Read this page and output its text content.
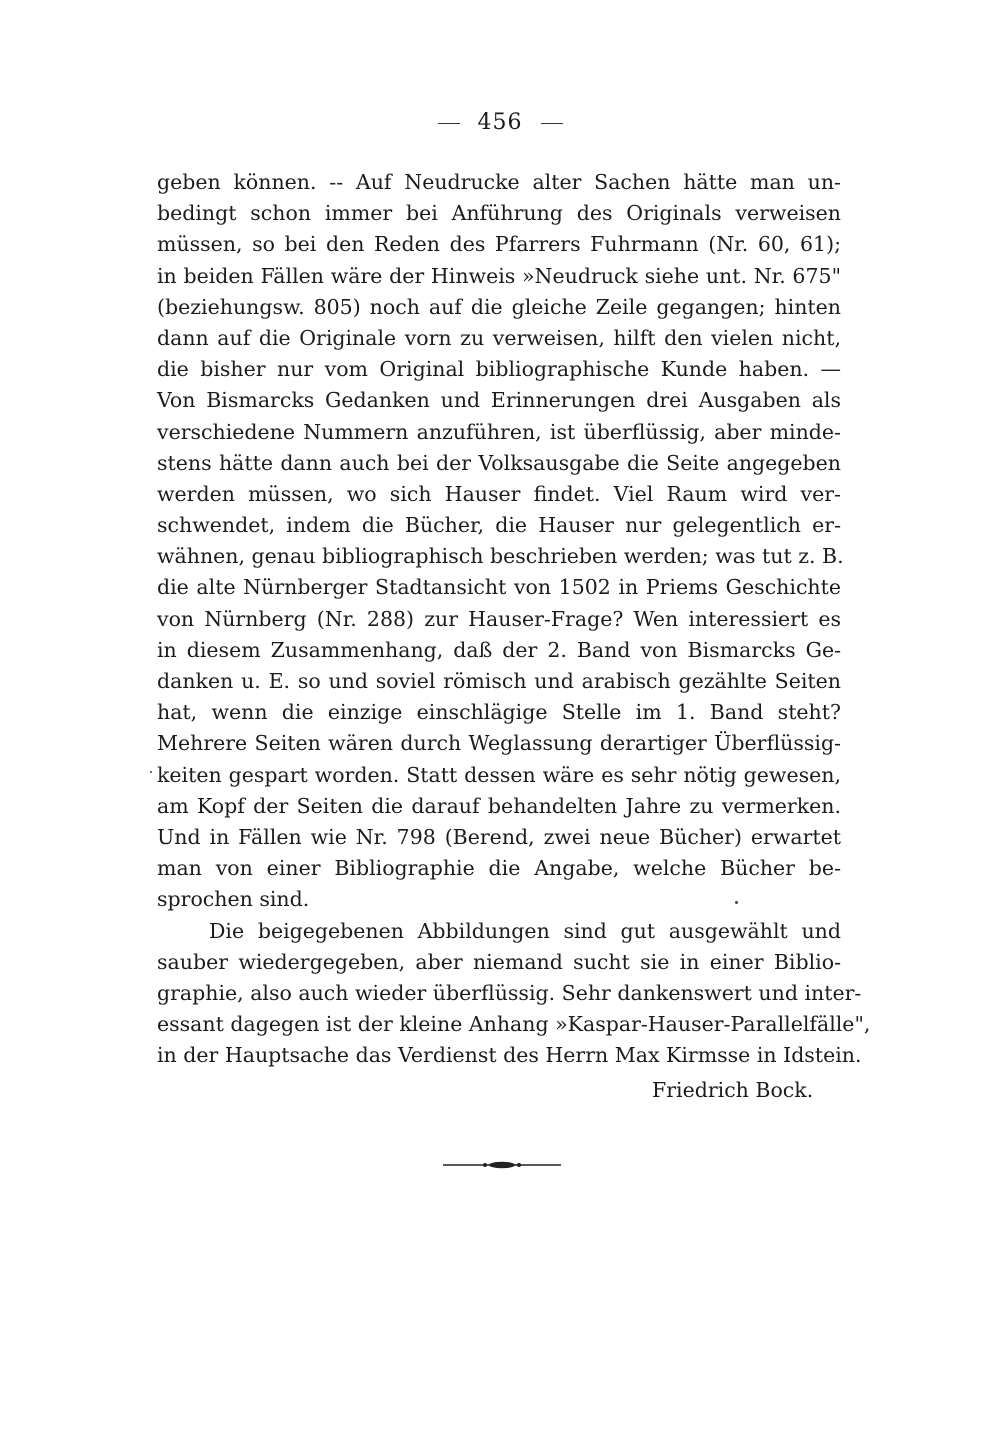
456
geben können. -- Auf Neudrucke alter Sachen hätte man un-
bedingt schon immer bei Anführung des Originals verweisen
müssen, so bei den Reden des Pfarrers Fuhrmann (Nr. 60, 61);
in beiden Fällen wäre der Hinweis »Neudruck siehe unt. Nr. 675"
(beziehungsw. 805) noch auf die gleiche Zeile gegangen; hinten
dann auf die Originale vorn zu verweisen, hilft den vielen nicht,
die bisher nur vom Original bibliographische Kunde haben. —
Von Bismarcks Gedanken und Erinnerungen drei Ausgaben als
verschiedene Nummern anzuführen, ist überflüssig, aber minde-
stens hätte dann auch bei der Volksausgabe die Seite angegeben
werden müssen, wo sich Hauser findet. Viel Raum wird ver-
schwendet, indem die Bücher, die Hauser nur gelegentlich er-
wähnen, genau bibliographisch beschrieben werden; was tut z. B.
die alte Nürnberger Stadtansicht von 1502 in Priems Geschichte
von Nürnberg (Nr. 288) zur Hauser-Frage? Wen interessiert es
in diesem Zusammenhang, daß der 2. Band von Bismarcks Ge-
danken u. E. so und soviel römisch und arabisch gezählte Seiten
hat, wenn die einzige einschlägige Stelle im 1. Band steht?
Mehrere Seiten wären durch Weglassung derartiger Überflüssig-
keiten gespart worden. Statt dessen wäre es sehr nötig gewesen,
am Kopf der Seiten die darauf behandelten Jahre zu vermerken.
Und in Fällen wie Nr. 798 (Berend, zwei neue Bücher) erwartet
man von einer Bibliographie die Angabe, welche Bücher be-
sprochen sind.
Die beigegebenen Abbildungen sind gut ausgewählt und
sauber wiedergegeben, aber niemand sucht sie in einer Biblio-
graphie, also auch wieder überflüssig. Sehr dankenswert und inter-
essant dagegen ist der kleine Anhang »Kaspar-Hauser-Parallelfälle",
in der Hauptsache das Verdienst des Herrn Max Kirmsse in Idstein.
Friedrich Bock.
